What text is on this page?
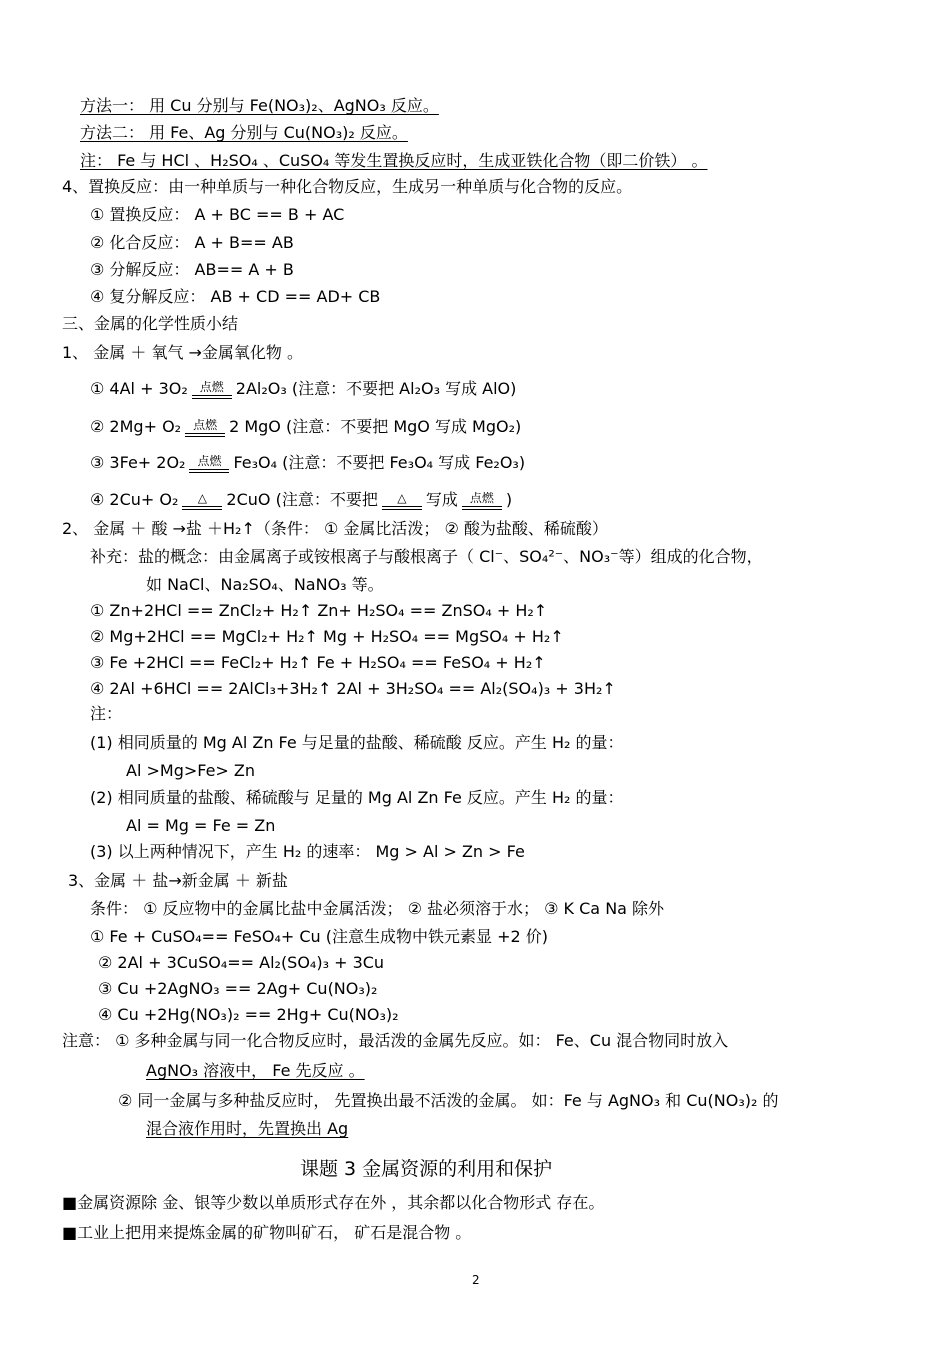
方法一： 用 Cu 分别与 Fe(NO₃)₂、AgNO₃ 反应。
方法二： 用 Fe、Ag 分别与 Cu(NO₃)₂ 反应。
注： Fe 与 HCl 、H₂SO₄ 、CuSO₄ 等发生置换反应时，生成亚铁化合物（即二价铁） 。
4、置换反应：由一种单质与一种化合物反应，生成另一种单质与化合物的反应。
① 置换反应： A + BC == B + AC
② 化合反应： A + B== AB
③ 分解反应： AB== A + B
④ 复分解反应： AB + CD == AD+ CB
三、金属的化学性质小结
1、 金属 ＋ 氧气 →金属氧化物 。
① 4Al + 3O₂ 点燃 2Al₂O₃ (注意：不要把 Al₂O₃ 写成 AlO)
② 2Mg+ O₂ 点燃 2 MgO (注意：不要把 MgO 写成 MgO₂)
③ 3Fe+ 2O₂ 点燃 Fe₃O₄ (注意：不要把 Fe₃O₄ 写成 Fe₂O₃)
④ 2Cu+ O₂	△	2CuO (注意：不要把	△	写成 点燃 )
2、 金属 ＋ 酸 →盐 ＋H₂↑（条件： ① 金属比活泼； ② 酸为盐酸、稀硫酸）
补充：盐的概念：由金属离子或铵根离子与酸根离子（ Cl⁻、SO₄²⁻、NO₃⁻等）组成的化合物，
如 NaCl、Na₂SO₄、NaNO₃ 等。
① Zn+2HCl == ZnCl₂+ H₂↑ Zn+ H₂SO₄ == ZnSO₄ + H₂↑
② Mg+2HCl == MgCl₂+ H₂↑ Mg + H₂SO₄ == MgSO₄ + H₂↑
③ Fe +2HCl == FeCl₂+ H₂↑ Fe + H₂SO₄ == FeSO₄ + H₂↑
④ 2Al +6HCl == 2AlCl₃+3H₂↑ 2Al + 3H₂SO₄ == Al₂(SO₄)₃ + 3H₂↑
注：
(1) 相同质量的 Mg Al Zn Fe 与足量的盐酸、稀硫酸 反应。产生 H₂ 的量：
Al >Mg>Fe> Zn
(2) 相同质量的盐酸、稀硫酸与 足量的 Mg Al Zn Fe 反应。产生 H₂ 的量：
Al = Mg = Fe = Zn
(3) 以上两种情况下，产生 H₂ 的速率： Mg > Al > Zn > Fe
3、金属 ＋ 盐→新金属 ＋ 新盐
条件： ① 反应物中的金属比盐中金属活泼； ② 盐必须溶于水； ③ K Ca Na 除外
① Fe + CuSO₄== FeSO₄+ Cu (注意生成物中铁元素显 +2 价)
② 2Al + 3CuSO₄== Al₂(SO₄)₃ + 3Cu
③ Cu +2AgNO₃ == 2Ag+ Cu(NO₃)₂
④ Cu +2Hg(NO₃)₂ == 2Hg+ Cu(NO₃)₂
注意： ① 多种金属与同一化合物反应时，最活泼的金属先反应。如： Fe、Cu 混合物同时放入
AgNO₃ 溶液中， Fe 先反应 。
② 同一金属与多种盐反应时， 先置换出最不活泼的金属。 如：Fe 与 AgNO₃ 和 Cu(NO₃)₂ 的
混合液作用时，先置换出 Ag
课题 3 金属资源的利用和保护
■金属资源除 金、银等少数以单质形式存在外 ，其余都以化合物形式 存在。
■工业上把用来提炼金属的矿物叫矿石， 矿石是混合物 。
2
